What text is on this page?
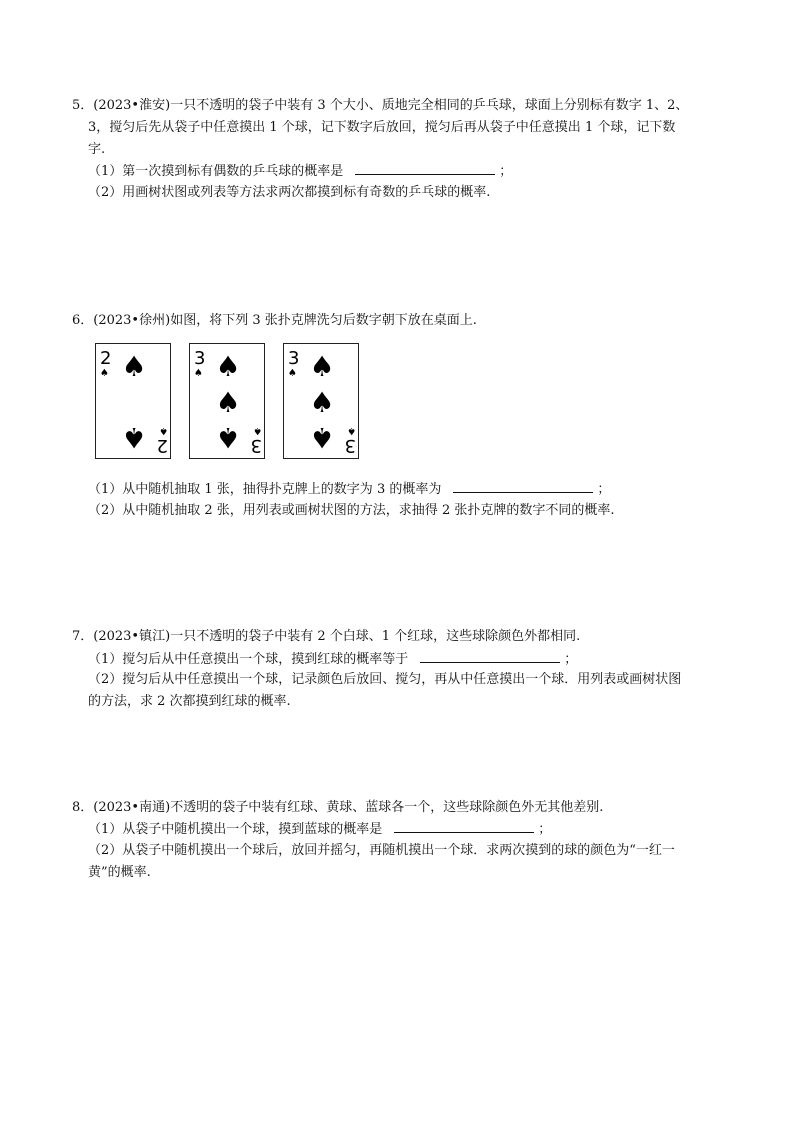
5．(2023•淮安)一只不透明的袋子中装有 3 个大小、质地完全相同的乒乓球，球面上分别标有数字 1、2、
3，搅匀后先从袋子中任意摸出 1 个球，记下数字后放回，搅匀后再从袋子中任意摸出 1 个球，记下数
字.
（1）第一次摸到标有偶数的乒乓球的概率是	；
（2）用画树状图或列表等方法求两次都摸到标有奇数的乒乓球的概率.
6．(2023•徐州)如图，将下列 3 张扑克牌洗匀后数字朝下放在桌面上.
2
♠ ♠
♠ 2
♠
3
♠ ♠
♠
♠ 3
♠
3
♠ ♠
♠
♠ 3
♠
（1）从中随机抽取 1 张，抽得扑克牌上的数字为 3 的概率为	；
（2）从中随机抽取 2 张，用列表或画树状图的方法，求抽得 2 张扑克牌的数字不同的概率.
7．(2023•镇江)一只不透明的袋子中装有 2 个白球、1 个红球，这些球除颜色外都相同.
（1）搅匀后从中任意摸出一个球，摸到红球的概率等于	；
（2）搅匀后从中任意摸出一个球，记录颜色后放回、搅匀，再从中任意摸出一个球．用列表或画树状图
的方法，求 2 次都摸到红球的概率.
8．(2023•南通)不透明的袋子中装有红球、黄球、蓝球各一个，这些球除颜色外无其他差别.
（1）从袋子中随机摸出一个球，摸到蓝球的概率是	；
（2）从袋子中随机摸出一个球后，放回并摇匀，再随机摸出一个球．求两次摸到的球的颜色为“一红一
黄”的概率.
